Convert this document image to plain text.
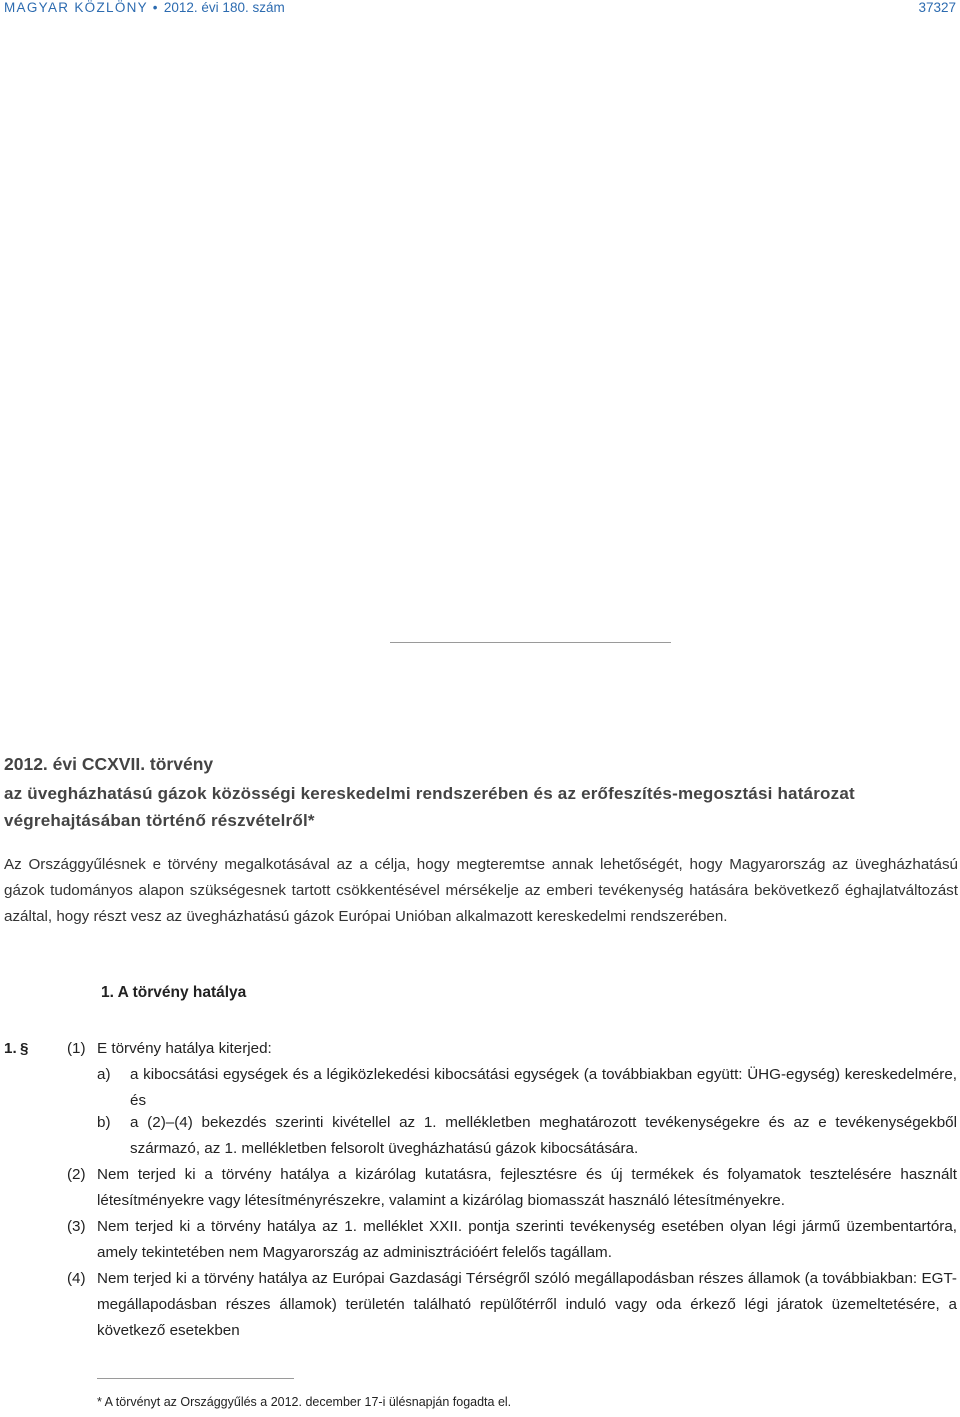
MAGYAR KÖZLÖNY • 2012. évi 180. szám	37327
2012. évi CCXVII. törvény
az üvegházhatású gázok közösségi kereskedelmi rendszerében és az erőfeszítés-megosztási határozat végrehajtásában történő részvételről*
Az Országgyűlésnek e törvény megalkotásával az a célja, hogy megteremtse annak lehetőségét, hogy Magyarország az üvegházhatású gázok tudományos alapon szükségesnek tartott csökkentésével mérsékelje az emberi tevékenység hatására bekövetkező éghajlatváltozást azáltal, hogy részt vesz az üvegházhatású gázok Európai Unióban alkalmazott kereskedelmi rendszerében.
1. A törvény hatálya
1. §	(1) E törvény hatálya kiterjed:
a) a kibocsátási egységek és a légiközlekedési kibocsátási egységek (a továbbiakban együtt: ÜHG-egység) kereskedelmére, és
b) a (2)–(4) bekezdés szerinti kivétellel az 1. mellékletben meghatározott tevékenységekre és az e tevékenységekből származó, az 1. mellékletben felsorolt üvegházhatású gázok kibocsátására.
(2) Nem terjed ki a törvény hatálya a kizárólag kutatásra, fejlesztésre és új termékek és folyamatok tesztelésére használt létesítményekre vagy létesítményrészekre, valamint a kizárólag biomasszát használó létesítményekre.
(3) Nem terjed ki a törvény hatálya az 1. melléklet XXII. pontja szerinti tevékenység esetében olyan légi jármű üzembentartóra, amely tekintetében nem Magyarország az adminisztrációért felelős tagállam.
(4) Nem terjed ki a törvény hatálya az Európai Gazdasági Térségről szóló megállapodásban részes államok (a továbbiakban: EGT-megállapodásban részes államok) területén található repülőtérről induló vagy oda érkező légi járatok üzemeltetésére, a következő esetekben
* A törvényt az Országgyűlés a 2012. december 17-i ülésnapján fogadta el.
